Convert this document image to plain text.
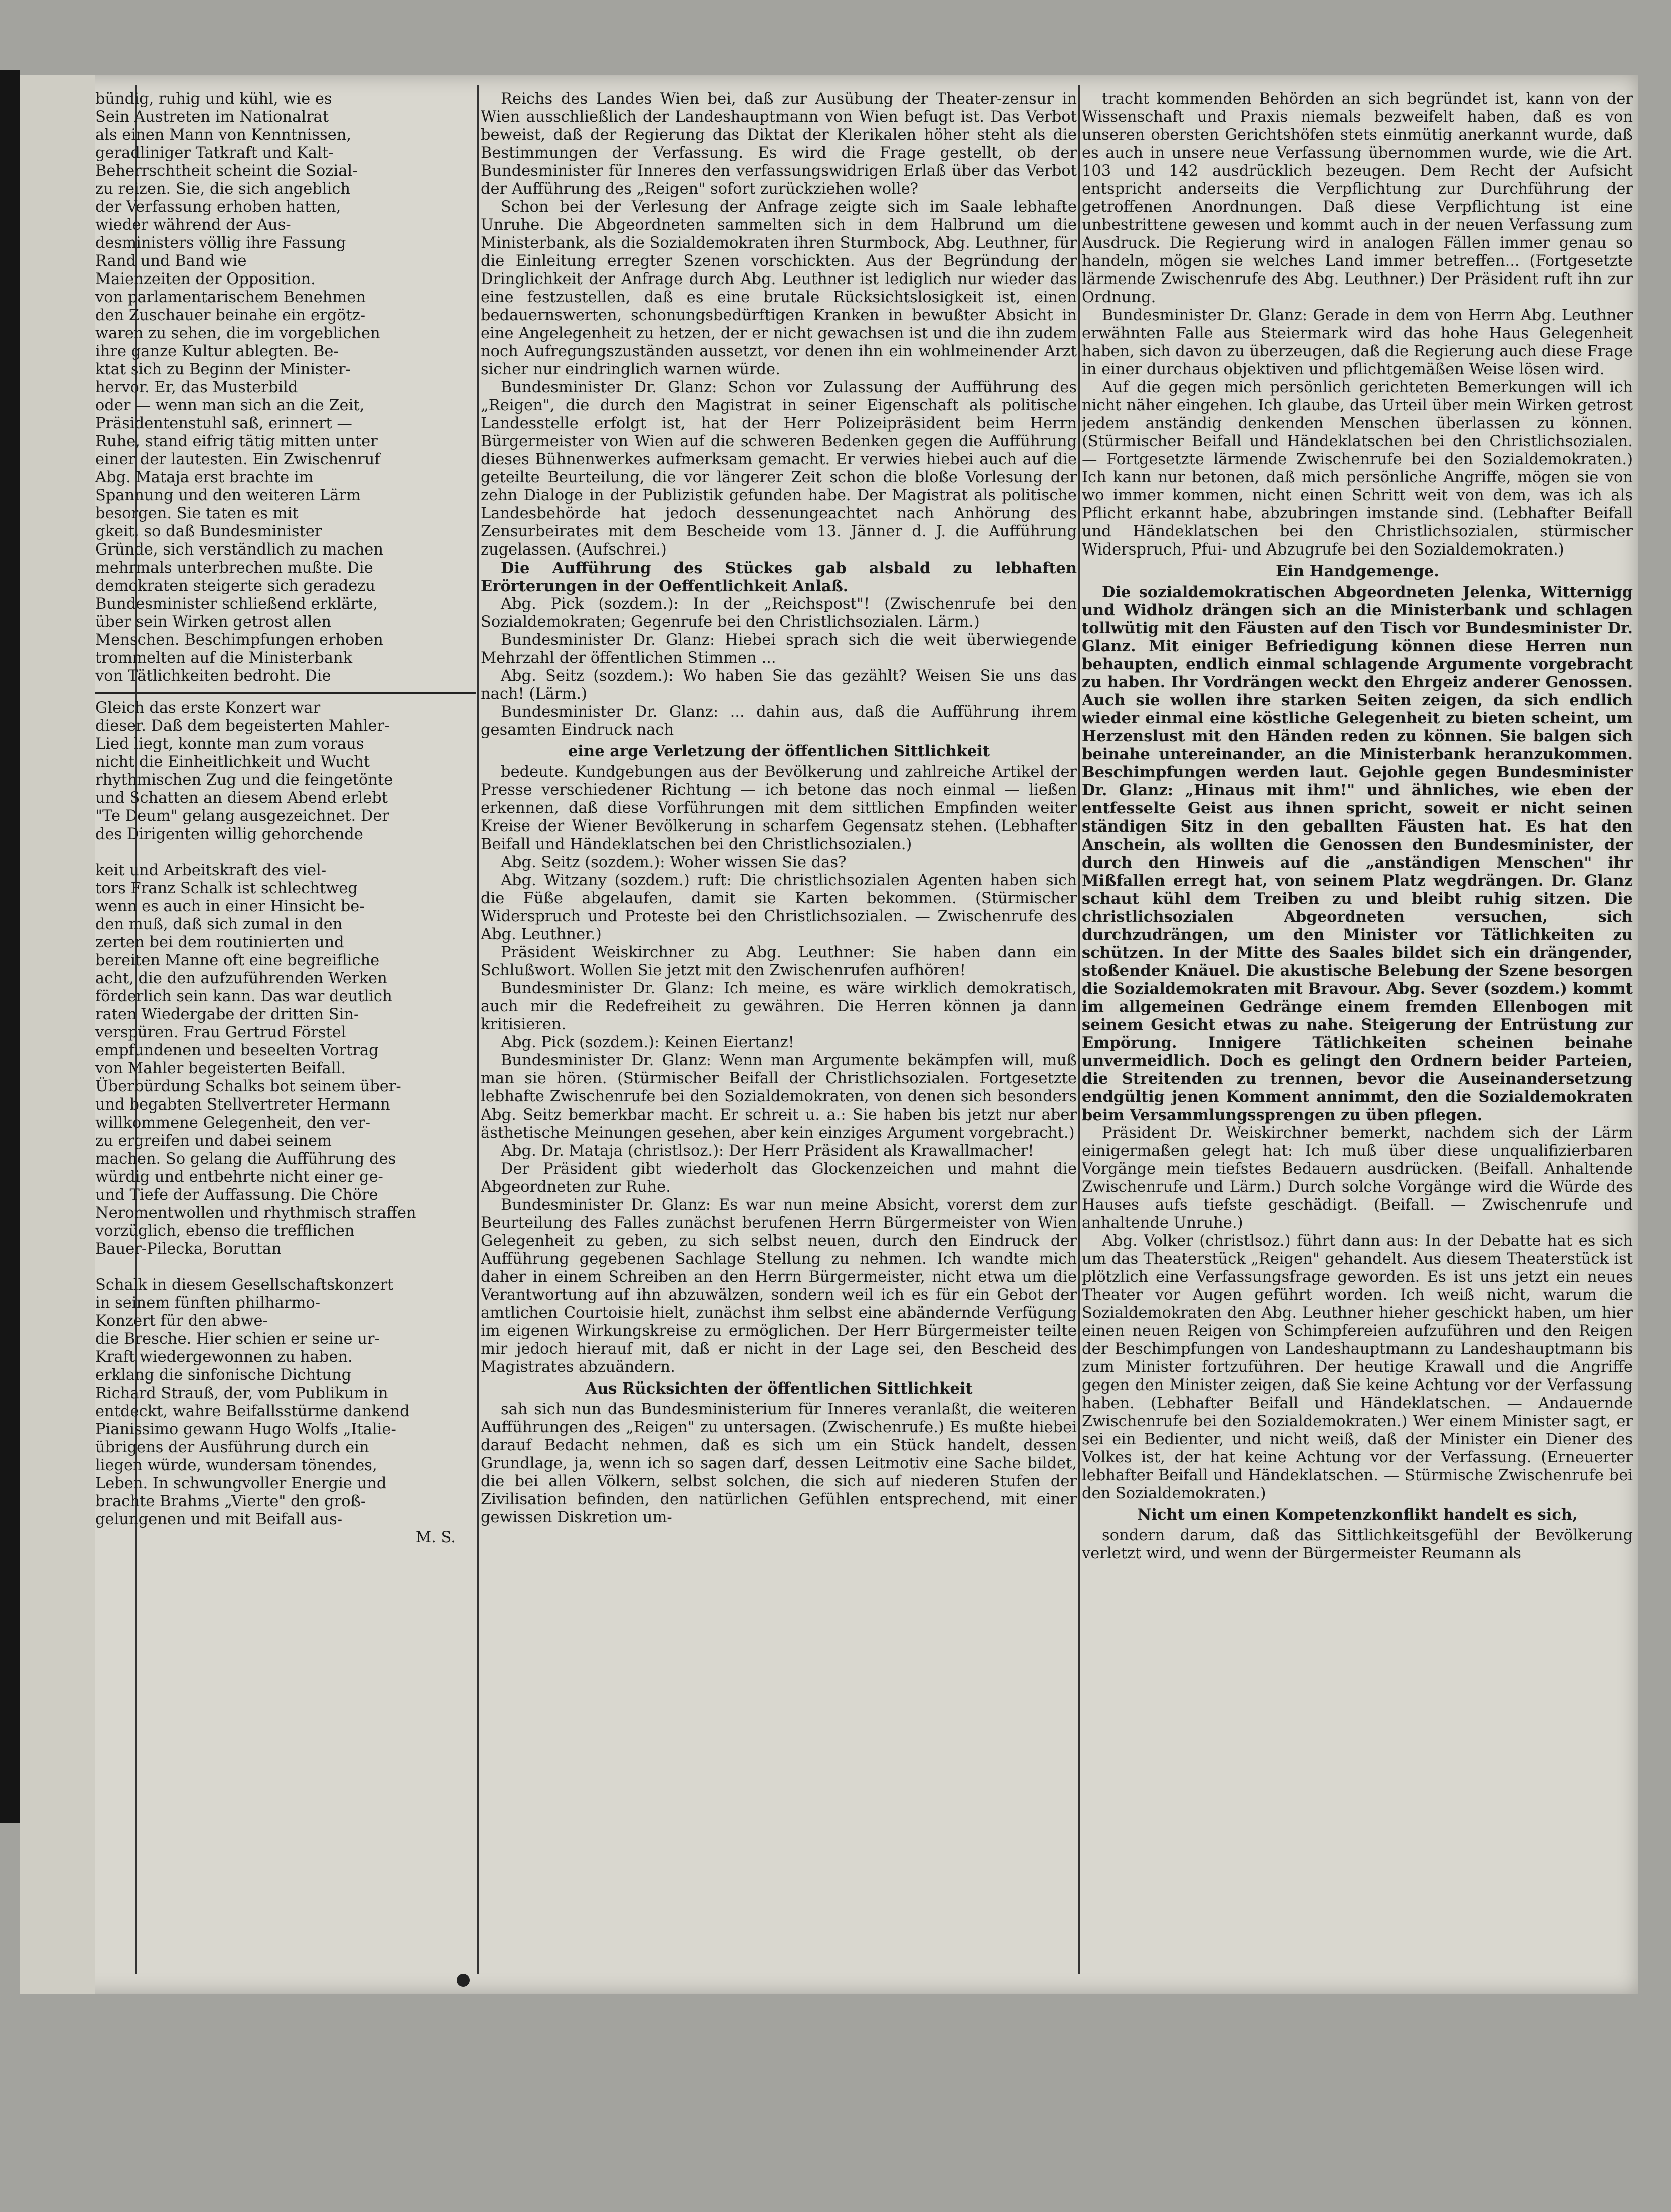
bündig, ruhig und kühl, wie es
Sein Austreten im Nationalrat
als einen Mann von Kenntnissen,
geradliniger Tatkraft und Kalt-
Beherrschtheit scheint die Sozial-
zu reizen. Sie, die sich angeblich
der Verfassung erhoben hatten,
wieder während der Aus-
desministers völlig ihre Fassung
Rand und Band wie
Maienzeiten der Opposition.
von parlamentarischem Benehmen
den Zuschauer beinahe ein ergötz-
waren zu sehen, die im vorgeblichen
ihre ganze Kultur ablegten. Be-
ktat sich zu Beginn der Minister-
hervor. Er, das Musterbild
oder — wenn man sich an die Zeit,
Präsidentenstuhl saß, erinnert —
Ruhe, stand eifrig tätig mitten unter
einer der lautesten. Ein Zwischenruf
Abg. Mataja erst brachte im
Spannung und den weiteren Lärm
besorgen. Sie taten es mit
gkeit, so daß Bundesminister
Gründe, sich verständlich zu machen
mehrmals unterbrechen mußte. Die
demokraten steigerte sich geradezu
Bundesminister schließend erklärte,
über sein Wirken getrost allen
Menschen. Beschimpfungen erhoben
trommelten auf die Ministerbank
von Tätlichkeiten bedroht. Die
Gleich das erste Konzert war
dieser. Daß dem begeisterten Mahler-
Lied liegt, konnte man zum voraus
nicht die Einheitlichkeit und Wucht
rhythmischen Zug und die feingetönte
und Schatten an diesem Abend erlebt
"Te Deum" gelang ausgezeichnet. Der
des Dirigenten willig gehorchende

keit und Arbeitskraft des viel-
tors Franz Schalk ist schlechtweg
wenn es auch in einer Hinsicht be-
den muß, daß sich zumal in den
zerten bei dem routinierten und
bereiten Manne oft eine begreifliche
acht, die den aufzuführenden Werken
förderlich sein kann. Das war deutlich
raten Wiedergabe der dritten Sin-
verspüren. Frau Gertrud Förstel
empfundenen und beseelten Vortrag
von Mahler begeisterten Beifall.
Überbürdung Schalks bot seinem über-
und begabten Stellvertreter Hermann
willkommene Gelegenheit, den ver-
zu ergreifen und dabei seinem
machen. So gelang die Aufführung des
würdig und entbehrte nicht einer ge-
und Tiefe der Auffassung. Die Chöre
Neromentwollen und rhythmisch straffen
vorzüglich, ebenso die trefflichen
Bauer-Pilecka, Boruttan

Schalk in diesem Gesellschaftskonzert
in seinem fünften philharmo-
Konzert für den abwe-
die Bresche. Hier schien er seine ur-
Kraft wiedergewonnen zu haben.
erklang die sinfonische Dichtung
Richard Strauß, der, vom Publikum in
entdeckt, wahre Beifallsstürme dankend
Pianissimo gewann Hugo Wolfs „Italie-
übrigens der Ausführung durch ein
liegen würde, wundersam tönendes,
Leben. In schwungvoller Energie und
brachte Brahms „Vierte" den groß-
gelungenen und mit Beifall aus-
M. S.

Reichs des Landes Wien bei, daß zur Ausübung der Theater-zensur in Wien ausschließlich der Landeshauptmann von Wien befugt ist. Das Verbot beweist, daß der Regierung das Diktat der Klerikalen höher steht als die Bestimmungen der Verfassung. Es wird die Frage gestellt, ob der Bundesminister für Inneres den verfassungswidrigen Erlaß über das Verbot der Aufführung des „Reigen" sofort zurückziehen wolle?

Schon bei der Verlesung der Anfrage zeigte sich im Saale lebhafte Unruhe. Die Abgeordneten sammelten sich in dem Halbrund um die Ministerbank, als die Sozialdemokraten ihren Sturmbock, Abg. Leuthner, für die Einleitung erregter Szenen vorschickten. Aus der Begründung der Dringlichkeit der Anfrage durch Abg. Leuthner ist lediglich nur wieder das eine festzustellen, daß es eine brutale Rücksichtslosigkeit ist, einen bedauernswerten, schonungsbedürftigen Kranken in bewußter Absicht in eine Angelegenheit zu hetzen, der er nicht gewachsen ist und die ihn zudem noch Aufregungszuständen aussetzt, vor denen ihn ein wohlmeinender Arzt sicher nur eindringlich warnen würde.

Bundesminister Dr. Glanz: Schon vor Zulassung der Aufführung des „Reigen", die durch den Magistrat in seiner Eigenschaft als politische Landesstelle erfolgt ist, hat der Herr Polizeipräsident beim Herrn Bürgermeister von Wien auf die schweren Bedenken gegen die Aufführung dieses Bühnenwerkes aufmerksam gemacht. Er verwies hiebei auch auf die geteilte Beurteilung, die vor längerer Zeit schon die bloße Vorlesung der zehn Dialoge in der Publizistik gefunden habe. Der Magistrat als politische Landesbehörde hat jedoch dessenungeachtet nach Anhörung des Zensurbeirates mit dem Bescheide vom 13. Jänner d. J. die Aufführung zugelassen. (Aufschrei.)

Die Aufführung des Stückes gab alsbald zu lebhaften Erörterungen in der Oeffentlichkeit Anlaß.

Abg. Pick (sozdem.): In der „Reichspost"! (Zwischenrufe bei den Sozialdemokraten; Gegenrufe bei den Christlichsozialen. Lärm.)

Bundesminister Dr. Glanz: Hiebei sprach sich die weit überwiegende Mehrzahl der öffentlichen Stimmen ...

Abg. Seitz (sozdem.): Wo haben Sie das gezählt? Weisen Sie uns das nach! (Lärm.)

Bundesminister Dr. Glanz: ... dahin aus, daß die Aufführung ihrem gesamten Eindruck nach

eine arge Verletzung der öffentlichen Sittlichkeit

bedeute. Kundgebungen aus der Bevölkerung und zahlreiche Artikel der Presse verschiedener Richtung — ich betone das noch einmal — ließen erkennen, daß diese Vorführungen mit dem sittlichen Empfinden weiter Kreise der Wiener Bevölkerung in scharfem Gegensatz stehen. (Lebhafter Beifall und Händeklatschen bei den Christlichsozialen.)

Abg. Seitz (sozdem.): Woher wissen Sie das?

Abg. Witzany (sozdem.) ruft: Die christlichsozialen Agenten haben sich die Füße abgelaufen, damit sie Karten bekommen. (Stürmischer Widerspruch und Proteste bei den Christlichsozialen. — Zwischenrufe des Abg. Leuthner.)

Präsident Weiskirchner zu Abg. Leuthner: Sie haben dann ein Schlußwort. Wollen Sie jetzt mit den Zwischenrufen aufhören!

Bundesminister Dr. Glanz: Ich meine, es wäre wirklich demokratisch, auch mir die Redefreiheit zu gewähren. Die Herren können ja dann kritisieren.

Abg. Pick (sozdem.): Keinen Eiertanz!

Bundesminister Dr. Glanz: Wenn man Argumente bekämpfen will, muß man sie hören. (Stürmischer Beifall der Christlichsozialen. Fortgesetzte lebhafte Zwischenrufe bei den Sozialdemokraten, von denen sich besonders Abg. Seitz bemerkbar macht. Er schreit u. a.: Sie haben bis jetzt nur aber ästhetische Meinungen gesehen, aber kein einziges Argument vorgebracht.)

Abg. Dr. Mataja (christlsoz.): Der Herr Präsident als Krawallmacher!

Der Präsident gibt wiederholt das Glockenzeichen und mahnt die Abgeordneten zur Ruhe.

Bundesminister Dr. Glanz: Es war nun meine Absicht, vorerst dem zur Beurteilung des Falles zunächst berufenen Herrn Bürgermeister von Wien Gelegenheit zu geben, zu sich selbst neuen, durch den Eindruck der Aufführung gegebenen Sachlage Stellung zu nehmen. Ich wandte mich daher in einem Schreiben an den Herrn Bürgermeister, nicht etwa um die Verantwortung auf ihn abzuwälzen, sondern weil ich es für ein Gebot der amtlichen Courtoisie hielt, zunächst ihm selbst eine abändernde Verfügung im eigenen Wirkungskreise zu ermöglichen. Der Herr Bürgermeister teilte mir jedoch hierauf mit, daß er nicht in der Lage sei, den Bescheid des Magistrates abzuändern.

Aus Rücksichten der öffentlichen Sittlichkeit

sah sich nun das Bundesministerium für Inneres veranlaßt, die weiteren Aufführungen des „Reigen" zu untersagen. (Zwischenrufe.) Es mußte hiebei darauf Bedacht nehmen, daß es sich um ein Stück handelt, dessen Grundlage, ja, wenn ich so sagen darf, dessen Leitmotiv eine Sache bildet, die bei allen Völkern, selbst solchen, die sich auf niederen Stufen der Zivilisation befinden, den natürlichen Gefühlen entsprechend, mit einer gewissen Diskretion um-

tracht kommenden Behörden an sich begründet ist, kann von der Wissenschaft und Praxis niemals bezweifelt haben, daß es von unseren obersten Gerichtshöfen stets einmütig anerkannt wurde, daß es auch in unsere neue Verfassung übernommen wurde, wie die Art. 103 und 142 ausdrücklich bezeugen. Dem Recht der Aufsicht entspricht anderseits die Verpflichtung zur Durchführung der getroffenen Anordnungen. Daß diese Verpflichtung ist eine unbestrittene gewesen und kommt auch in der neuen Verfassung zum Ausdruck. Die Regierung wird in analogen Fällen immer genau so handeln, mögen sie welches Land immer betreffen... (Fortgesetzte lärmende Zwischenrufe des Abg. Leuthner.) Der Präsident ruft ihn zur Ordnung.

Bundesminister Dr. Glanz: Gerade in dem von Herrn Abg. Leuthner erwähnten Falle aus Steiermark wird das hohe Haus Gelegenheit haben, sich davon zu überzeugen, daß die Regierung auch diese Frage in einer durchaus objektiven und pflichtgemäßen Weise lösen wird.

Auf die gegen mich persönlich gerichteten Bemerkungen will ich nicht näher eingehen. Ich glaube, das Urteil über mein Wirken getrost jedem anständig denkenden Menschen überlassen zu können. (Stürmischer Beifall und Händeklatschen bei den Christlichsozialen. — Fortgesetzte lärmende Zwischenrufe bei den Sozialdemokraten.) Ich kann nur betonen, daß mich persönliche Angriffe, mögen sie von wo immer kommen, nicht einen Schritt weit von dem, was ich als Pflicht erkannt habe, abzubringen imstande sind. (Lebhafter Beifall und Händeklatschen bei den Christlichsozialen, stürmischer Widerspruch, Pfui- und Abzugrufe bei den Sozialdemokraten.)

Ein Handgemenge.

Die sozialdemokratischen Abgeordneten Jelenka, Witternigg und Widholz drängen sich an die Ministerbank und schlagen tollwütig mit den Fäusten auf den Tisch vor Bundesminister Dr. Glanz. Mit einiger Befriedigung können diese Herren nun behaupten, endlich einmal schlagende Argumente vorgebracht zu haben. Ihr Vordrängen weckt den Ehrgeiz anderer Genossen. Auch sie wollen ihre starken Seiten zeigen, da sich endlich wieder einmal eine köstliche Gelegenheit zu bieten scheint, um Herzenslust mit den Händen reden zu können. Sie balgen sich beinahe untereinander, an die Ministerbank heranzukommen. Beschimpfungen werden laut. Gejohle gegen Bundesminister Dr. Glanz: „Hinaus mit ihm!" und ähnliches, wie eben der entfesselte Geist aus ihnen spricht, soweit er nicht seinen ständigen Sitz in den geballten Fäusten hat. Es hat den Anschein, als wollten die Genossen den Bundesminister, der durch den Hinweis auf die „anständigen Menschen" ihr Mißfallen erregt hat, von seinem Platz wegdrängen. Dr. Glanz schaut kühl dem Treiben zu und bleibt ruhig sitzen. Die christlichsozialen Abgeordneten versuchen, sich durchzudrängen, um den Minister vor Tätlichkeiten zu schützen. In der Mitte des Saales bildet sich ein drängender, stoßender Knäuel. Die akustische Belebung der Szene besorgen die Sozialdemokraten mit Bravour. Abg. Sever (sozdem.) kommt im allgemeinen Gedränge einem fremden Ellenbogen mit seinem Gesicht etwas zu nahe. Steigerung der Entrüstung zur Empörung. Innigere Tätlichkeiten scheinen beinahe unvermeidlich. Doch es gelingt den Ordnern beider Parteien, die Streitenden zu trennen, bevor die Auseinandersetzung endgültig jenen Komment annimmt, den die Sozialdemokraten beim Versammlungssprengen zu üben pflegen.

Präsident Dr. Weiskirchner bemerkt, nachdem sich der Lärm einigermaßen gelegt hat: Ich muß über diese unqualifizierbaren Vorgänge mein tiefstes Bedauern ausdrücken. (Beifall. Anhaltende Zwischenrufe und Lärm.) Durch solche Vorgänge wird die Würde des Hauses aufs tiefste geschädigt. (Beifall. — Zwischenrufe und anhaltende Unruhe.)

Abg. Volker (christlsoz.) führt dann aus: In der Debatte hat es sich um das Theaterstück „Reigen" gehandelt. Aus diesem Theaterstück ist plötzlich eine Verfassungsfrage geworden. Es ist uns jetzt ein neues Theater vor Augen geführt worden. Ich weiß nicht, warum die Sozialdemokraten den Abg. Leuthner hieher geschickt haben, um hier einen neuen Reigen von Schimpfereien aufzuführen und den Reigen der Beschimpfungen von Landeshauptmann zu Landeshauptmann bis zum Minister fortzuführen. Der heutige Krawall und die Angriffe gegen den Minister zeigen, daß Sie keine Achtung vor der Verfassung haben. (Lebhafter Beifall und Händeklatschen. — Andauernde Zwischenrufe bei den Sozialdemokraten.) Wer einem Minister sagt, er sei ein Bedienter, und nicht weiß, daß der Minister ein Diener des Volkes ist, der hat keine Achtung vor der Verfassung. (Erneuerter lebhafter Beifall und Händeklatschen. — Stürmische Zwischenrufe bei den Sozialdemokraten.)

Nicht um einen Kompetenzkonflikt handelt es sich,

sondern darum, daß das Sittlichkeitsgefühl der Bevölkerung verletzt wird, und wenn der Bürgermeister Reumann als
